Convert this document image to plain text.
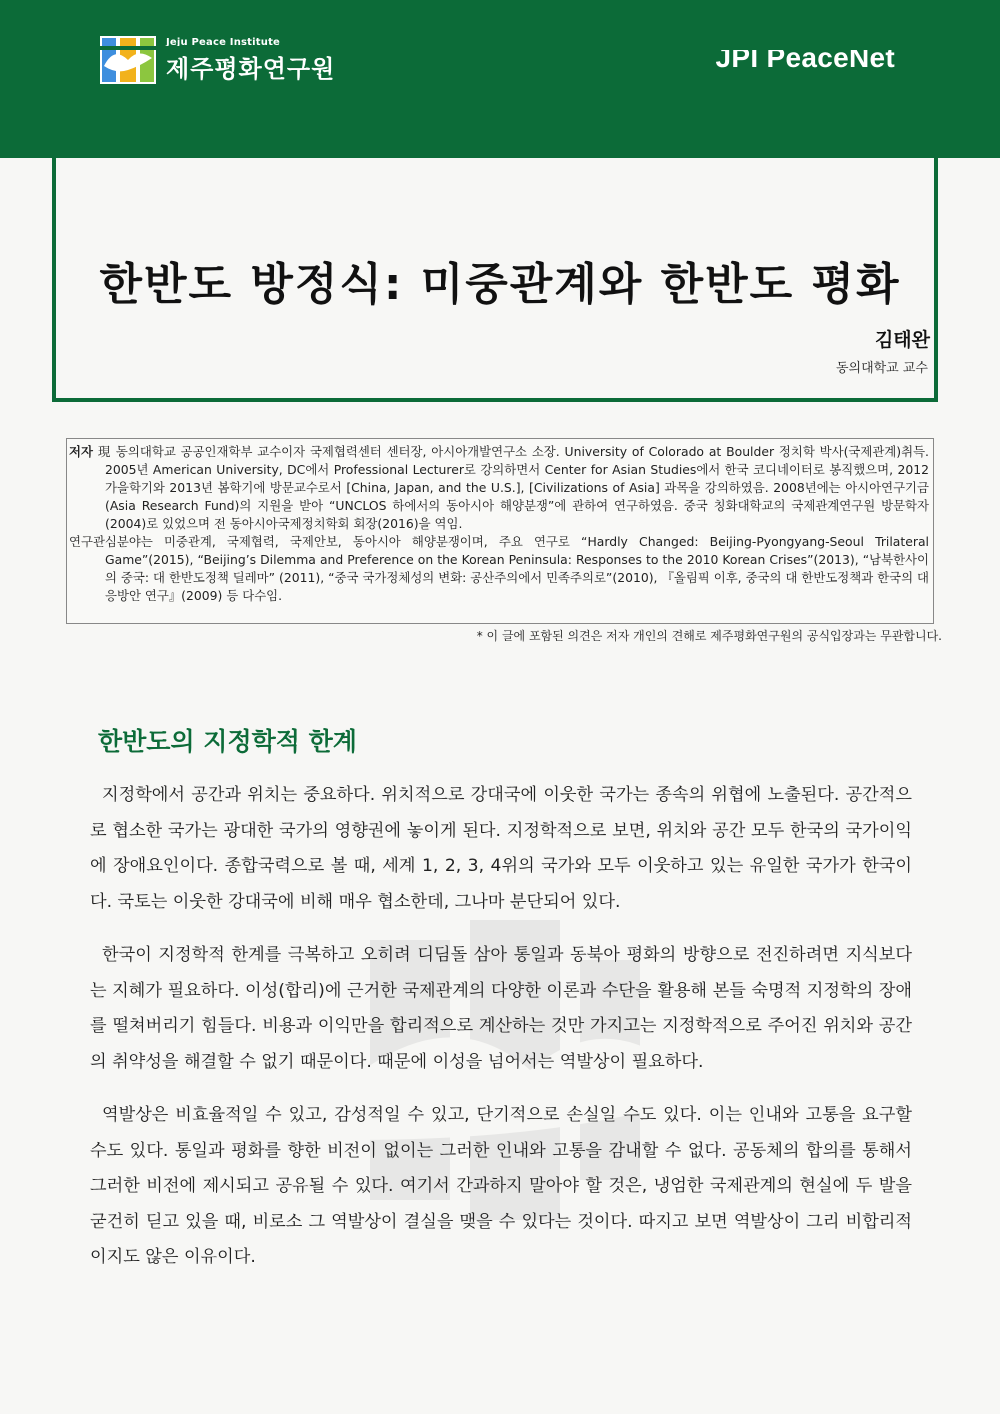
Jeju Peace Institute
제주평화연구원	JPI PeaceNet
한반도 방정식: 미중관계와 한반도 평화
김태완
동의대학교 교수

저자 現 동의대학교 공공인재학부 교수이자 국제협력센터 센터장, 아시아개발연구소 소장. University of Colorado at Boulder 정치학 박사(국제관계)취득. 2005년 American University, DC에서 Professional Lecturer로 강의하면서 Center for Asian Studies에서 한국 코디네이터로 봉직했으며, 2012 가을학기와 2013년 봄학기에 방문교수로서 [China, Japan, and the U.S.], [Civilizations of Asia] 과목을 강의하였음. 2008년에는 아시아연구기금(Asia Research Fund)의 지원을 받아 “UNCLOS 하에서의 동아시아 해양분쟁”에 관하여 연구하였음. 중국 칭화대학교의 국제관계연구원 방문학자(2004)로 있었으며 전 동아시아국제정치학회 회장(2016)을 역임.

연구관심분야는 미중관계, 국제협력, 국제안보, 동아시아 해양분쟁이며, 주요 연구로 “Hardly Changed: Beijing-Pyongyang-Seoul Trilateral Game”(2015), “Beijing’s Dilemma and Preference on the Korean Peninsula: Responses to the 2010 Korean Crises”(2013), “남북한사이의 중국: 대 한반도정책 딜레마” (2011), “중국 국가정체성의 변화: 공산주의에서 민족주의로”(2010), 『올림픽 이후, 중국의 대 한반도정책과 한국의 대응방안 연구』(2009) 등 다수임.

* 이 글에 포함된 의견은 저자 개인의 견해로 제주평화연구원의 공식입장과는 무관합니다.
한반도의 지정학적 한계

지정학에서 공간과 위치는 중요하다. 위치적으로 강대국에 이웃한 국가는 종속의 위협에 노출된다. 공간적으로 협소한 국가는 광대한 국가의 영향권에 놓이게 된다. 지정학적으로 보면, 위치와 공간 모두 한국의 국가이익에 장애요인이다. 종합국력으로 볼 때, 세계 1, 2, 3, 4위의 국가와 모두 이웃하고 있는 유일한 국가가 한국이다. 국토는 이웃한 강대국에 비해 매우 협소한데, 그나마 분단되어 있다.

한국이 지정학적 한계를 극복하고 오히려 디딤돌 삼아 통일과 동북아 평화의 방향으로 전진하려면 지식보다는 지혜가 필요하다. 이성(합리)에 근거한 국제관계의 다양한 이론과 수단을 활용해 본들 숙명적 지정학의 장애를 떨쳐버리기 힘들다. 비용과 이익만을 합리적으로 계산하는 것만 가지고는 지정학적으로 주어진 위치와 공간의 취약성을 해결할 수 없기 때문이다. 때문에 이성을 넘어서는 역발상이 필요하다.

역발상은 비효율적일 수 있고, 감성적일 수 있고, 단기적으로 손실일 수도 있다. 이는 인내와 고통을 요구할 수도 있다. 통일과 평화를 향한 비전이 없이는 그러한 인내와 고통을 감내할 수 없다. 공동체의 합의를 통해서 그러한 비전에 제시되고 공유될 수 있다. 여기서 간과하지 말아야 할 것은, 냉엄한 국제관계의 현실에 두 발을 굳건히 딛고 있을 때, 비로소 그 역발상이 결실을 맺을 수 있다는 것이다. 따지고 보면 역발상이 그리 비합리적이지도 않은 이유이다.
